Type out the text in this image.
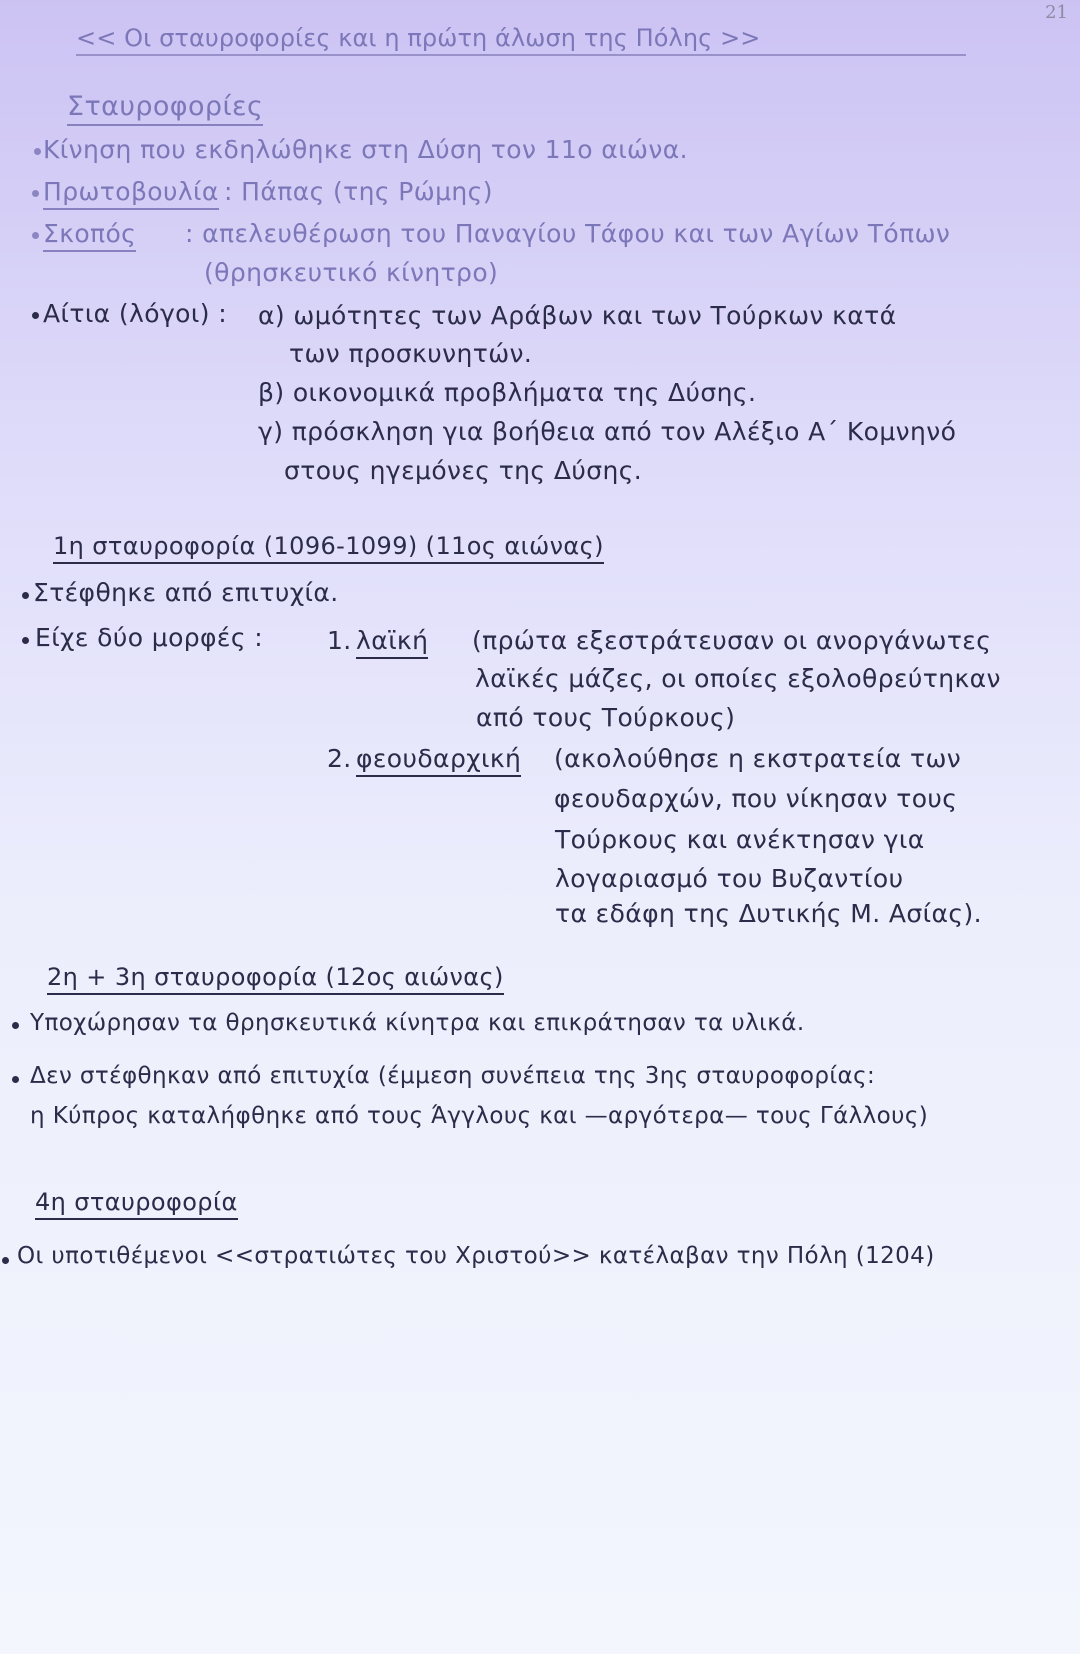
21
<< Οι σταυροφορίες και η πρώτη άλωση της Πόλης >>
Σταυροφορίες
Κίνηση που εκδηλώθηκε στη Δύση τον 11ο αιώνα.
Πρωτοβουλία : Πάπας (της Ρώμης)
Σκοπός : απελευθέρωση του Παναγίου Τάφου και των Αγίων Τόπων
(θρησκευτικό κίνητρο)
Αίτια (λόγοι) : α) ωμότητες των Αράβων και των Τούρκων κατά
των προσκυνητών.
β) οικονομικά προβλήματα της Δύσης.
γ) πρόσκληση για βοήθεια από τον Αλέξιο Α΄ Κομνηνό
στους ηγεμόνες της Δύσης.
1η σταυροφορία (1096-1099) (11ος αιώνας)
Στέφθηκε από επιτυχία.
Είχε δύο μορφές :	1. λαϊκή (πρώτα εξεστράτευσαν οι ανοργάνωτες
λαϊκές μάζες, οι οποίες εξολοθρεύτηκαν
από τους Τούρκους)
2. φεουδαρχική (ακολούθησε η εκστρατεία των
φεουδαρχών, που νίκησαν τους
Τούρκους και ανέκτησαν για
λογαριασμό του Βυζαντίου
τα εδάφη της Δυτικής Μ. Ασίας).
2η + 3η σταυροφορία (12ος αιώνας)
Υποχώρησαν τα θρησκευτικά κίνητρα και επικράτησαν τα υλικά.
Δεν στέφθηκαν από επιτυχία (έμμεση συνέπεια της 3ης σταυροφορίας:
η Κύπρος καταλήφθηκε από τους Άγγλους και —αργότερα— τους Γάλλους)
4η σταυροφορία
Οι υποτιθέμενοι <<στρατιώτες του Χριστού>> κατέλαβαν την Πόλη (1204)
